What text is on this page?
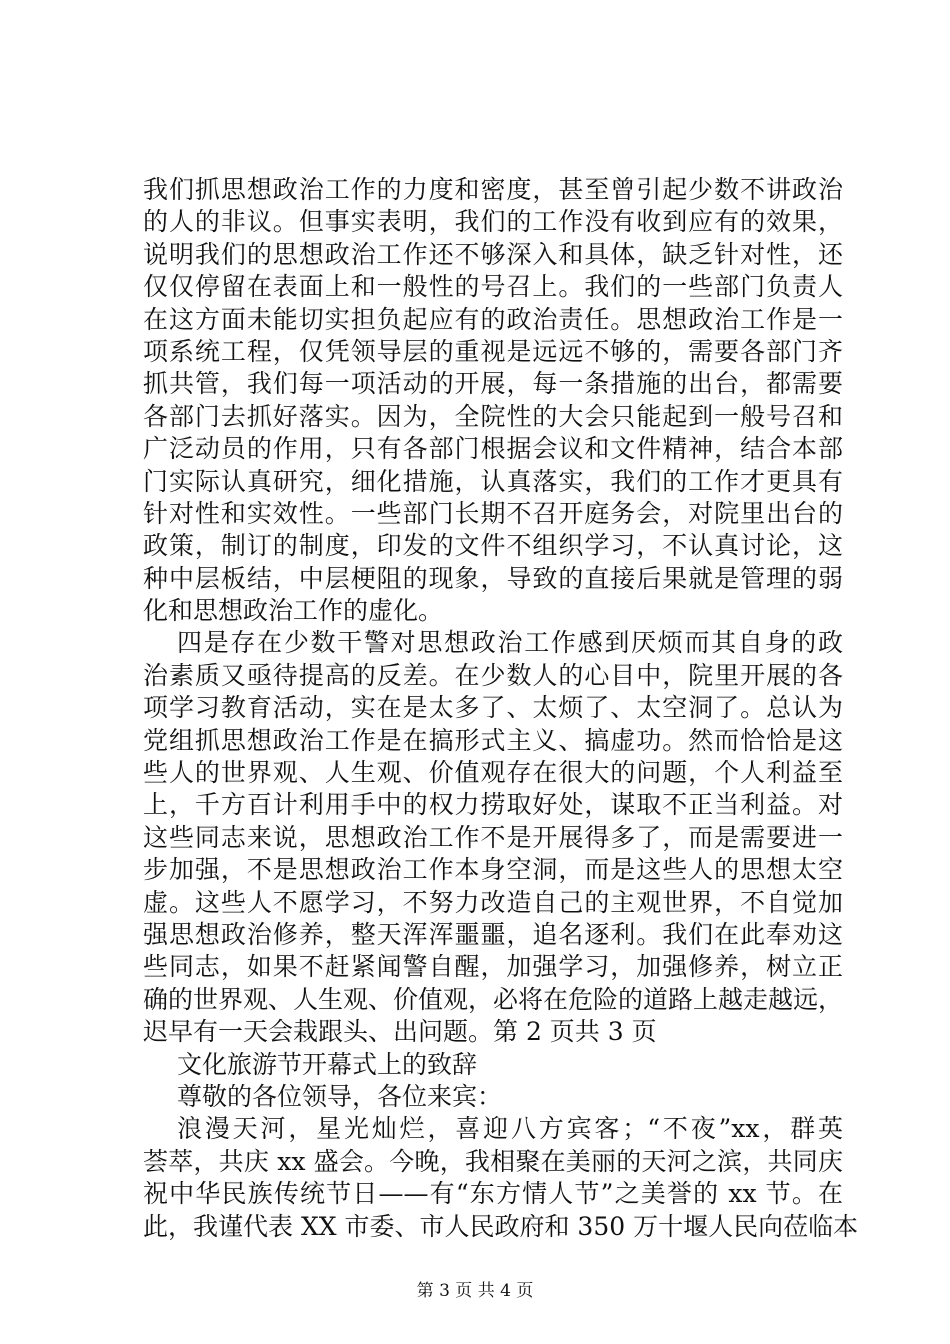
我们抓思想政治工作的力度和密度，甚至曾引起少数不讲政治
的人的非议。但事实表明，我们的工作没有收到应有的效果，
说明我们的思想政治工作还不够深入和具体，缺乏针对性，还
仅仅停留在表面上和一般性的号召上。我们的一些部门负责人
在这方面未能切实担负起应有的政治责任。思想政治工作是一
项系统工程，仅凭领导层的重视是远远不够的，需要各部门齐
抓共管，我们每一项活动的开展，每一条措施的出台，都需要
各部门去抓好落实。因为，全院性的大会只能起到一般号召和
广泛动员的作用，只有各部门根据会议和文件精神，结合本部
门实际认真研究，细化措施，认真落实，我们的工作才更具有
针对性和实效性。一些部门长期不召开庭务会，对院里出台的
政策，制订的制度，印发的文件不组织学习，不认真讨论，这
种中层板结，中层梗阻的现象，导致的直接后果就是管理的弱
化和思想政治工作的虚化。
四是存在少数干警对思想政治工作感到厌烦而其自身的政
治素质又亟待提高的反差。在少数人的心目中，院里开展的各
项学习教育活动，实在是太多了、太烦了、太空洞了。总认为
党组抓思想政治工作是在搞形式主义、搞虚功。然而恰恰是这
些人的世界观、人生观、价值观存在很大的问题，个人利益至
上，千方百计利用手中的权力捞取好处，谋取不正当利益。对
这些同志来说，思想政治工作不是开展得多了，而是需要进一
步加强，不是思想政治工作本身空洞，而是这些人的思想太空
虚。这些人不愿学习，不努力改造自己的主观世界，不自觉加
强思想政治修养，整天浑浑噩噩，追名逐利。我们在此奉劝这
些同志，如果不赶紧闻警自醒，加强学习，加强修养，树立正
确的世界观、人生观、价值观，必将在危险的道路上越走越远，
迟早有一天会栽跟头、出问题。第 2 页共 3 页
文化旅游节开幕式上的致辞
尊敬的各位领导，各位来宾：
浪漫天河，星光灿烂，喜迎八方宾客；“不夜”xx，群英
荟萃，共庆 xx 盛会。今晚，我相聚在美丽的天河之滨，共同庆
祝中华民族传统节日——有“东方情人节”之美誉的 xx 节。在
此，我谨代表 XX 市委、市人民政府和 350 万十堰人民向莅临本
第 3 页 共 4 页
